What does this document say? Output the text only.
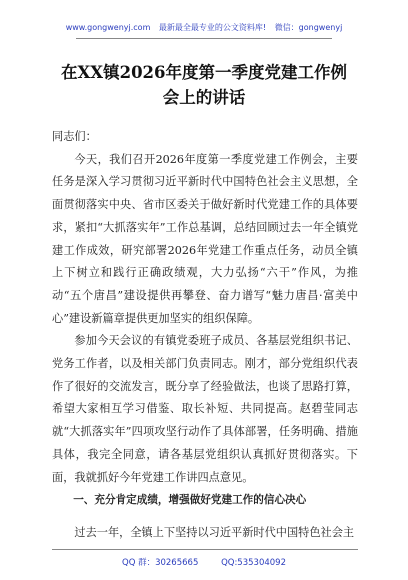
www.gongwenyj.com 最新最全最专业的公文资料库! 微信：gongwenyj
在XX镇2026年度第一季度党建工作例
会上的讲话

同志们：

今天，我们召开2026年度第一季度党建工作例会，主要任务是深入学习贯彻习近平新时代中国特色社会主义思想，全面贯彻落实中央、省市区委关于做好新时代党建工作的具体要求，紧扣“大抓落实年”工作总基调，总结回顾过去一年全镇党建工作成效，研究部署2026年党建工作重点任务，动员全镇上下树立和践行正确政绩观，大力弘扬“六干”作风，为推动“五个唐昌”建设提供再攀登、奋力谱写“魅力唐昌·富美中心”建设新篇章提供更加坚实的组织保障。

参加今天会议的有镇党委班子成员、各基层党组织书记、党务工作者，以及相关部门负责同志。刚才，部分党组织代表作了很好的交流发言，既分享了经验做法，也谈了思路打算，希望大家相互学习借鉴、取长补短、共同提高。赵碧莹同志就“大抓落实年”四项攻坚行动作了具体部署，任务明确、措施具体，我完全同意，请各基层党组织认真抓好贯彻落实。下面，我就抓好今年党建工作讲四点意见。

一、充分肯定成绩，增强做好党建工作的信心决心

过去一年，全镇上下坚持以习近平新时代中国特色社会主
QQ 群：30265665	QQ:535304092
